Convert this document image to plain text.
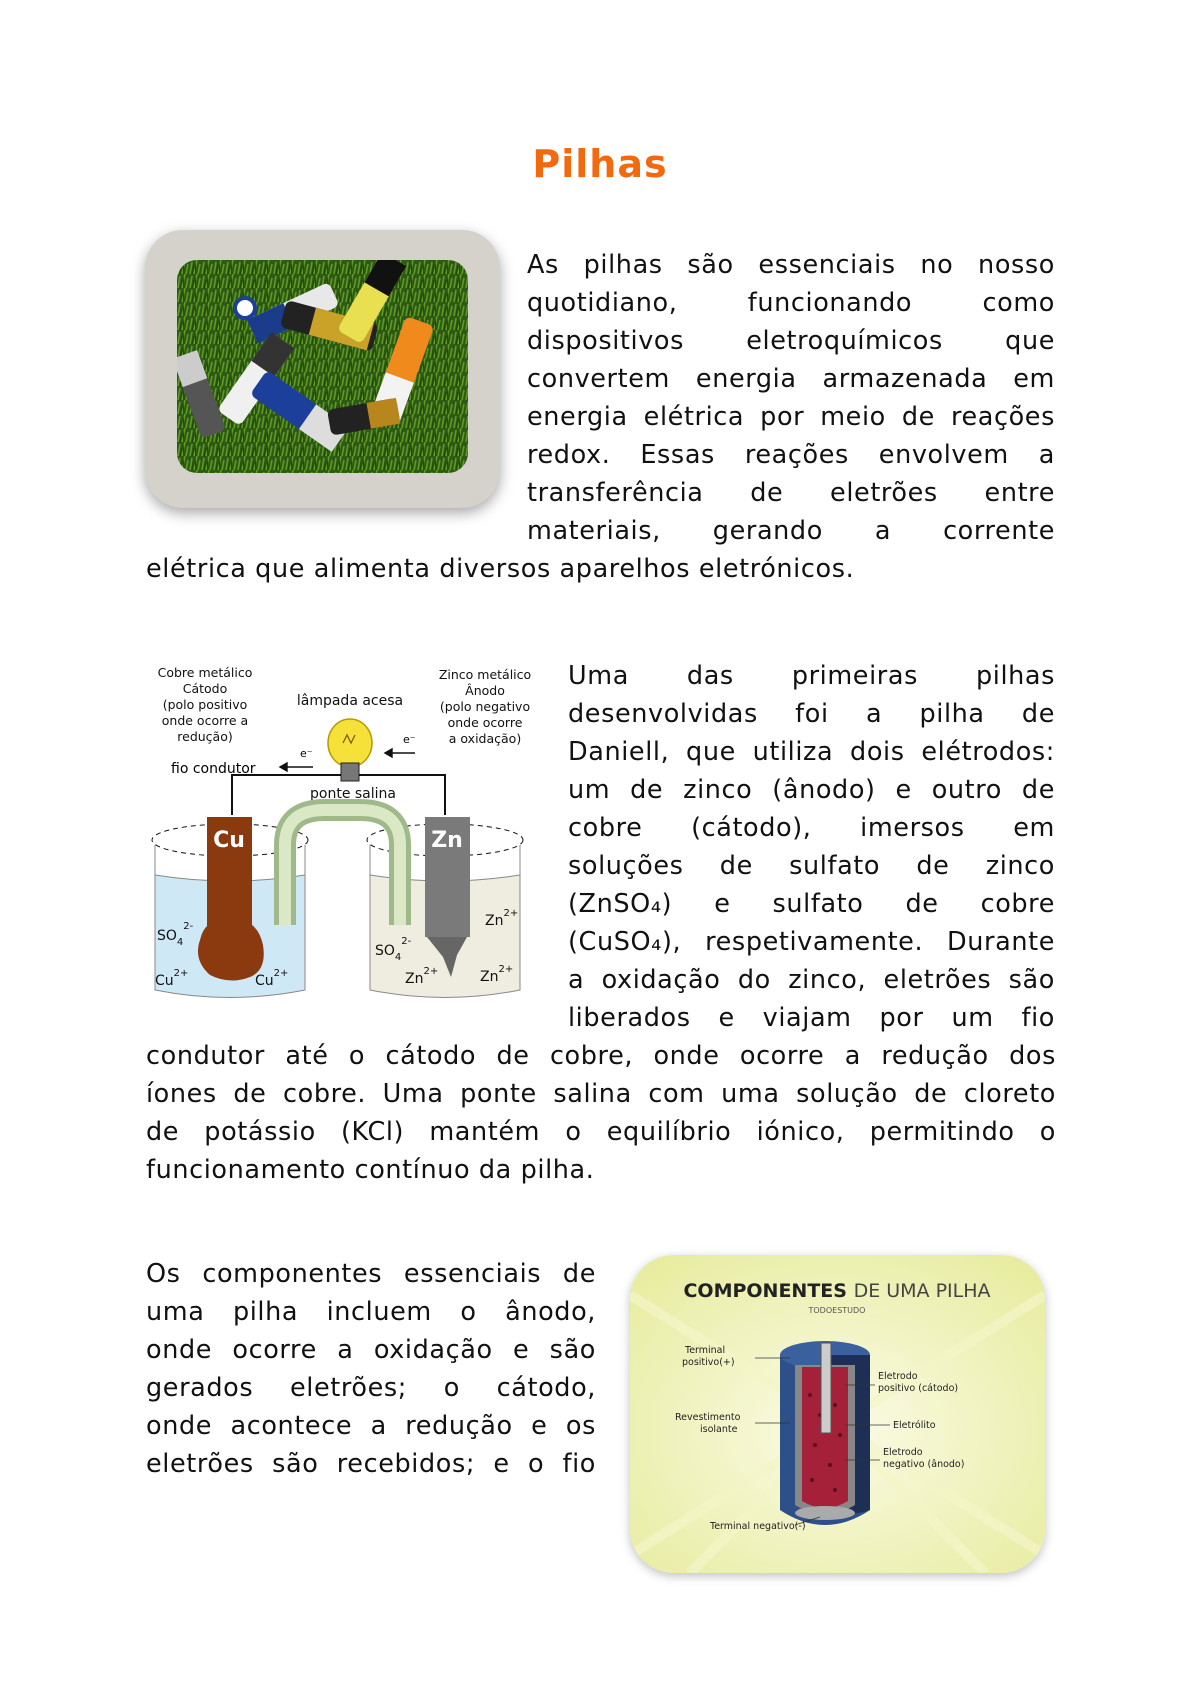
Pilhas
As pilhas são essenciais no nosso
quotidiano, funcionando como
dispositivos eletroquímicos que
convertem energia armazenada em
energia elétrica por meio de reações
redox. Essas reações envolvem a
transferência de eletrões entre
materiais, gerando a corrente
elétrica que alimenta diversos aparelhos eletrónicos.
Cobre metálico
Cátodo
(polo positivo
onde ocorre a
redução)
Zinco metálico
Ânodo
(polo negativo
onde ocorre
a oxidação)
lâmpada acesa
ponte salina
fio condutor
e⁻
e⁻
Cu	Zn
$SO_4^{2-}$
$Cu^{2+}$	$Cu^{2+}$
$SO_4^{2-}$
$Zn^{2+}$
$Zn^{2+}$	$Zn^{2+}$
Uma das primeiras pilhas
desenvolvidas foi a pilha de
Daniell, que utiliza dois elétrodos:
um de zinco (ânodo) e outro de
cobre (cátodo), imersos em
soluções de sulfato de zinco
(ZnSO₄) e sulfato de cobre
(CuSO₄), respetivamente. Durante
a oxidação do zinco, eletrões são
liberados e viajam por um fio
condutor até o cátodo de cobre, onde ocorre a redução dos
íones de cobre. Uma ponte salina com uma solução de cloreto
de potássio (KCl) mantém o equilíbrio iónico, permitindo o
funcionamento contínuo da pilha.
Os componentes essenciais de
uma pilha incluem o ânodo,
onde ocorre a oxidação e são
gerados eletrões; o cátodo,
onde acontece a redução e os
eletrões são recebidos; e o fio
COMPONENTES DE UMA PILHA
TODOESTUDO
Terminal
positivo(+)
Eletrodo
positivo (cátodo)
Revestimento
isolante	Eletrólito
Eletrodo
negativo (ânodo)
Terminal negativo(-)
